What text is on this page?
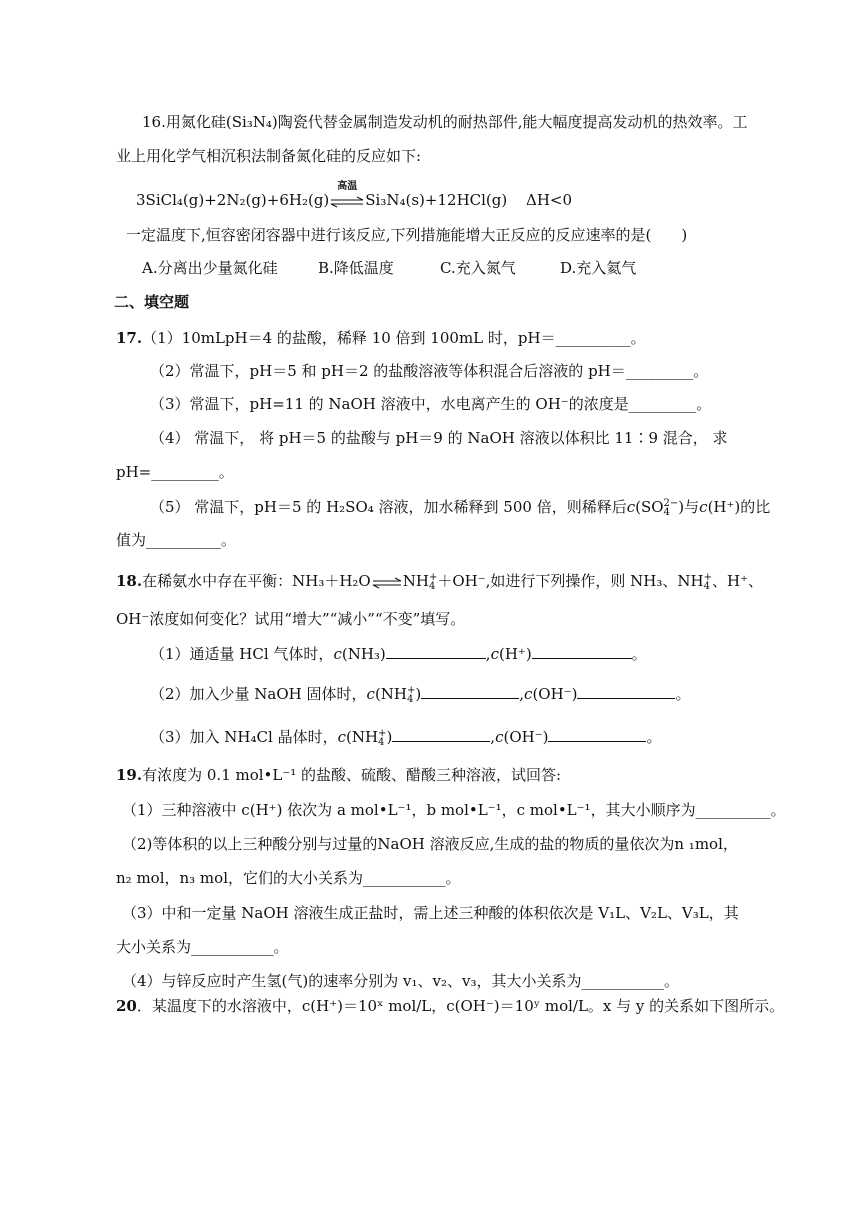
16.用氮化硅(Si₃N₄)陶瓷代替金属制造发动机的耐热部件,能大幅度提高发动机的热效率。工
业上用化学气相沉积法制备氮化硅的反应如下:
3SiCl₄(g)+2N₂(g)+6H₂(g)
高温
Si₃N₄(s)+12HCl(g) ΔH<0
一定温度下,恒容密闭容器中进行该反应,下列措施能增大正反应的反应速率的是(　　)
A.分离出少量氮化硅	B.降低温度	C.充入氮气	D.充入氦气
二、填空题
17.（1）10mLpH＝4 的盐酸，稀释 10 倍到 100mL 时，pH＝__________。
（2）常温下，pH＝5 和 pH＝2 的盐酸溶液等体积混合后溶液的 pH＝_________。
（3）常温下，pH=11 的 NaOH 溶液中，水电离产生的 OH⁻的浓度是_________。
（4） 常温下， 将 pH＝5 的盐酸与 pH＝9 的 NaOH 溶液以体积比 11∶9 混合， 求
pH=_________。
（5） 常温下，pH＝5 的 H₂SO₄ 溶液，加水稀释到 500 倍，则稀释后c(SO2−
4 )与c(H⁺)的比
值为__________。
18.在稀氨水中存在平衡：NH₃＋H₂O⇌NH+
4 ＋OH⁻,如进行下列操作，则 NH₃、NH+
4 、H⁺、
OH⁻浓度如何变化？试用“增大”“减小”“不变”填写。
（1）通适量 HCl 气体时，c(NH₃)	,c(H⁺)	。
（2）加入少量 NaOH 固体时，c(NH+
4 )	,c(OH⁻)	。
（3）加入 NH₄Cl 晶体时，c(NH+
4 )	,c(OH⁻)	。
19.有浓度为 0.1 mol•L⁻¹ 的盐酸、硫酸、醋酸三种溶液，试回答:
（1）三种溶液中 c(H⁺) 依次为 a mol•L⁻¹，b mol•L⁻¹，c mol•L⁻¹，其大小顺序为__________。
（2)等体积的以上三种酸分别与过量的NaOH 溶液反应,生成的盐的物质的量依次为n ₁mol，
n₂ mol，n₃ mol，它们的大小关系为___________。
（3）中和一定量 NaOH 溶液生成正盐时，需上述三种酸的体积依次是 V₁L、V₂L、V₃L，其
大小关系为___________。
（4）与锌反应时产生氢(气)的速率分别为 v₁、v₂、v₃，其大小关系为___________。
20．某温度下的水溶液中，c(H⁺)＝10ˣ mol/L，c(OH⁻)＝10ʸ mol/L。x 与 y 的关系如下图所示。
